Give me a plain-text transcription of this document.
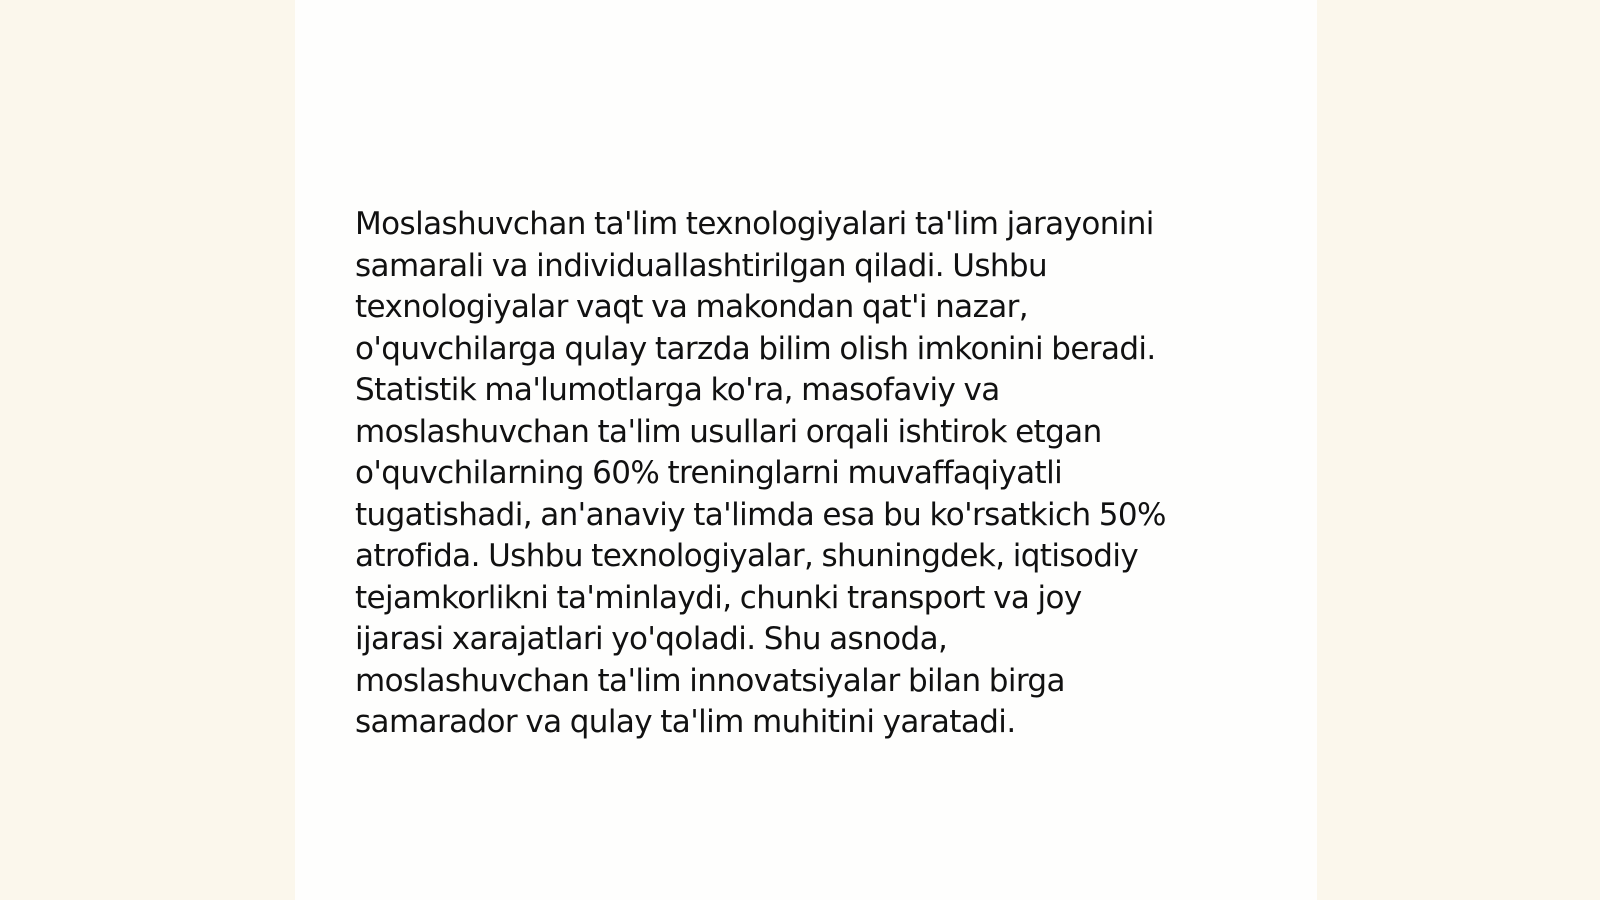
Moslashuvchan ta'lim texnologiyalari ta'lim jarayonini
samarali va individuallashtirilgan qiladi. Ushbu
texnologiyalar vaqt va makondan qat'i nazar,
o'quvchilarga qulay tarzda bilim olish imkonini beradi.
Statistik ma'lumotlarga ko'ra, masofaviy va
moslashuvchan ta'lim usullari orqali ishtirok etgan
o'quvchilarning 60% treninglarni muvaffaqiyatli
tugatishadi, an'anaviy ta'limda esa bu ko'rsatkich 50%
atrofida. Ushbu texnologiyalar, shuningdek, iqtisodiy
tejamkorlikni ta'minlaydi, chunki transport va joy
ijarasi xarajatlari yo'qoladi. Shu asnoda,
moslashuvchan ta'lim innovatsiyalar bilan birga
samarador va qulay ta'lim muhitini yaratadi.
